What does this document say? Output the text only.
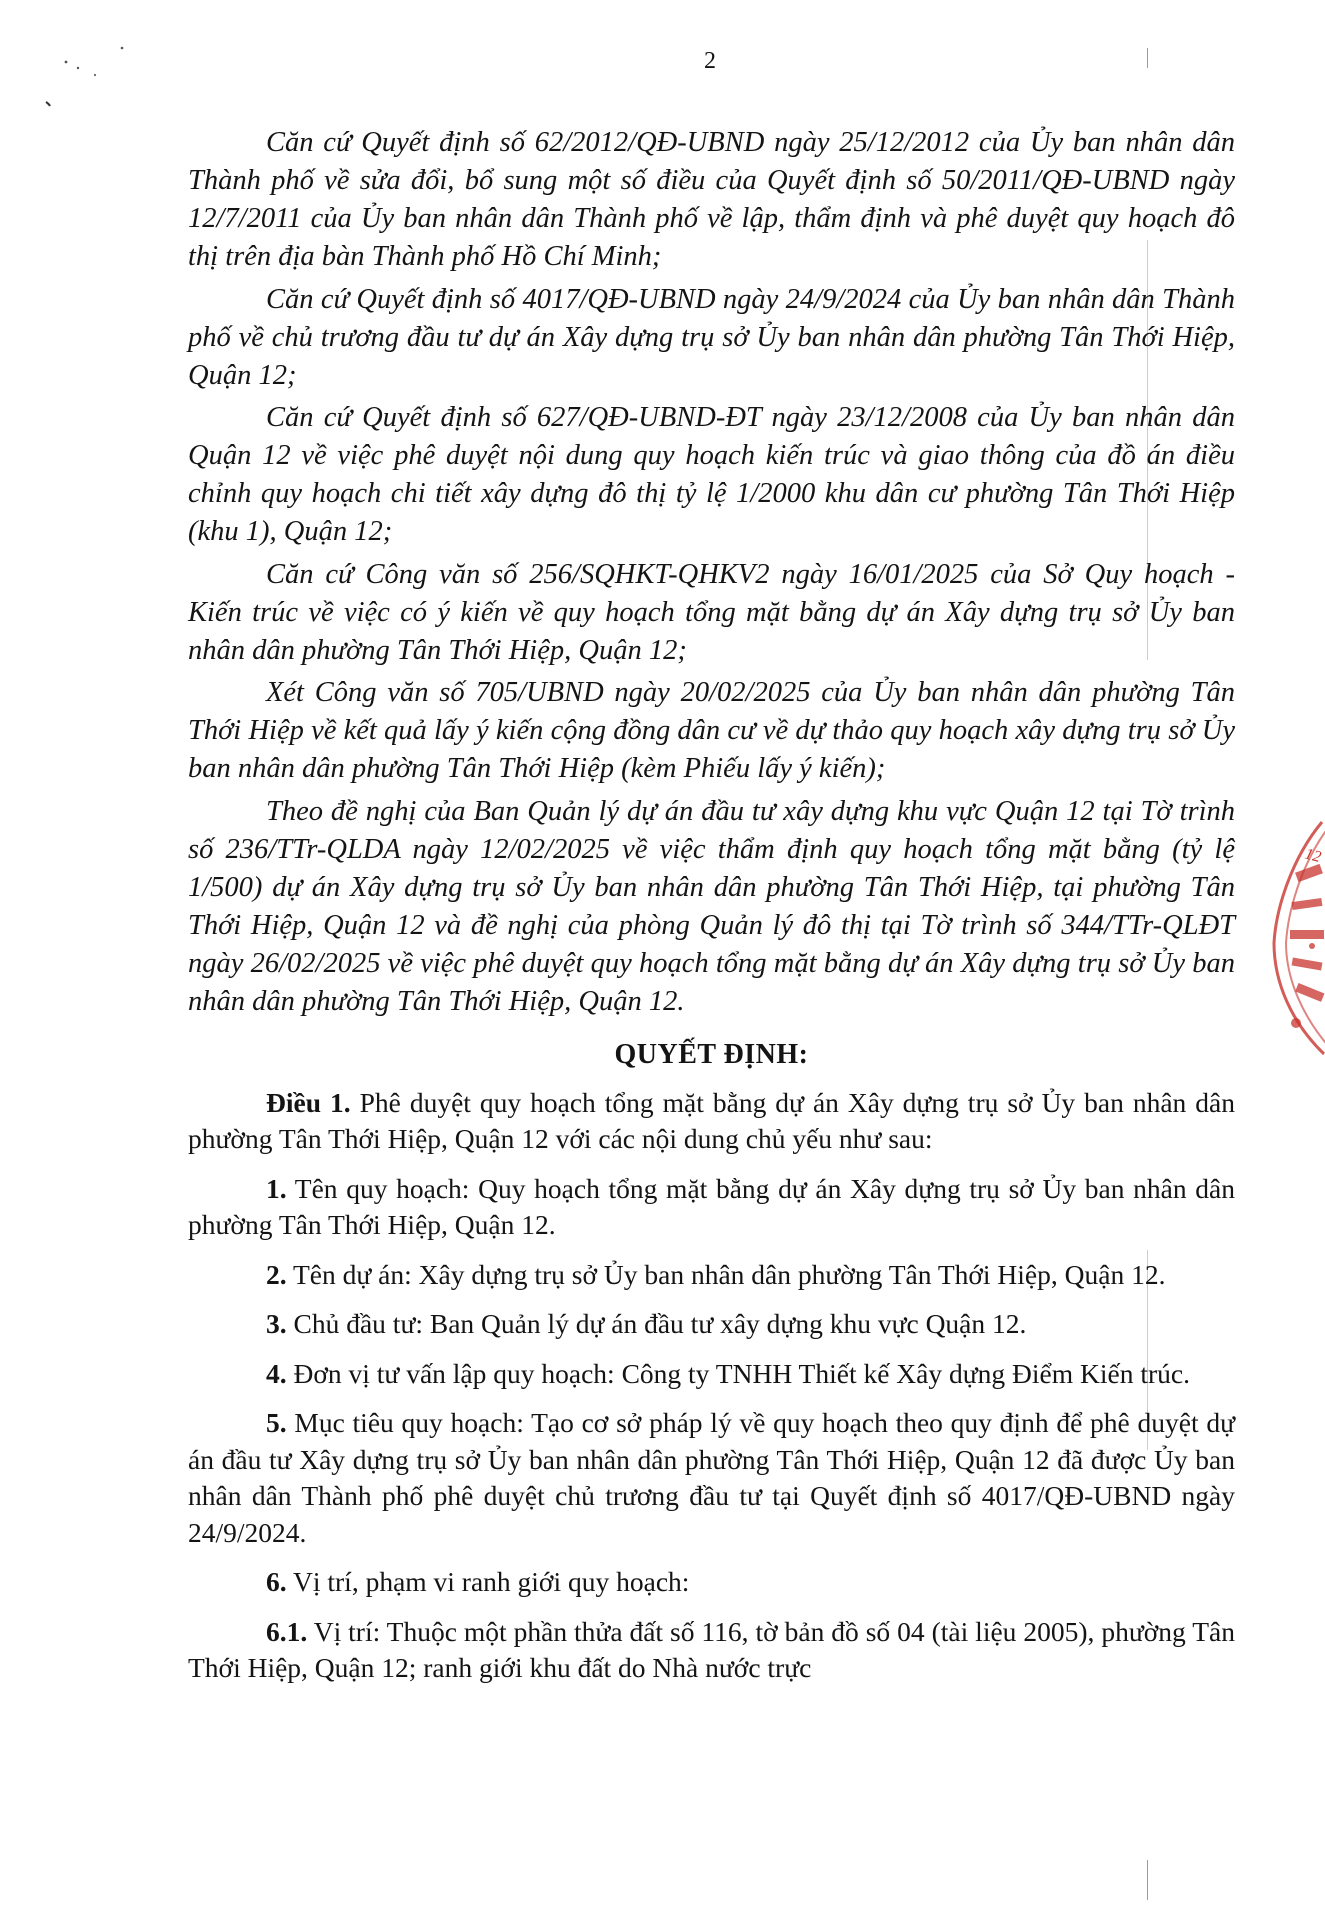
2

Căn cứ Quyết định số 62/2012/QĐ-UBND ngày 25/12/2012 của Ủy ban nhân dân Thành phố về sửa đổi, bổ sung một số điều của Quyết định số 50/2011/QĐ-UBND ngày 12/7/2011 của Ủy ban nhân dân Thành phố về lập, thẩm định và phê duyệt quy hoạch đô thị trên địa bàn Thành phố Hồ Chí Minh;

Căn cứ Quyết định số 4017/QĐ-UBND ngày 24/9/2024 của Ủy ban nhân dân Thành phố về chủ trương đầu tư dự án Xây dựng trụ sở Ủy ban nhân dân phường Tân Thới Hiệp, Quận 12;

Căn cứ Quyết định số 627/QĐ-UBND-ĐT ngày 23/12/2008 của Ủy ban nhân dân Quận 12 về việc phê duyệt nội dung quy hoạch kiến trúc và giao thông của đồ án điều chỉnh quy hoạch chi tiết xây dựng đô thị tỷ lệ 1/2000 khu dân cư phường Tân Thới Hiệp (khu 1), Quận 12;

Căn cứ Công văn số 256/SQHKT-QHKV2 ngày 16/01/2025 của Sở Quy hoạch - Kiến trúc về việc có ý kiến về quy hoạch tổng mặt bằng dự án Xây dựng trụ sở Ủy ban nhân dân phường Tân Thới Hiệp, Quận 12;

Xét Công văn số 705/UBND ngày 20/02/2025 của Ủy ban nhân dân phường Tân Thới Hiệp về kết quả lấy ý kiến cộng đồng dân cư về dự thảo quy hoạch xây dựng trụ sở Ủy ban nhân dân phường Tân Thới Hiệp (kèm Phiếu lấy ý kiến);

Theo đề nghị của Ban Quản lý dự án đầu tư xây dựng khu vực Quận 12 tại Tờ trình số 236/TTr-QLDA ngày 12/02/2025 về việc thẩm định quy hoạch tổng mặt bằng (tỷ lệ 1/500) dự án Xây dựng trụ sở Ủy ban nhân dân phường Tân Thới Hiệp, tại phường Tân Thới Hiệp, Quận 12 và đề nghị của phòng Quản lý đô thị tại Tờ trình số 344/TTr-QLĐT ngày 26/02/2025 về việc phê duyệt quy hoạch tổng mặt bằng dự án Xây dựng trụ sở Ủy ban nhân dân phường Tân Thới Hiệp, Quận 12.

QUYẾT ĐỊNH:

Điều 1. Phê duyệt quy hoạch tổng mặt bằng dự án Xây dựng trụ sở Ủy ban nhân dân phường Tân Thới Hiệp, Quận 12 với các nội dung chủ yếu như sau:

1. Tên quy hoạch: Quy hoạch tổng mặt bằng dự án Xây dựng trụ sở Ủy ban nhân dân phường Tân Thới Hiệp, Quận 12.

2. Tên dự án: Xây dựng trụ sở Ủy ban nhân dân phường Tân Thới Hiệp, Quận 12.

3. Chủ đầu tư: Ban Quản lý dự án đầu tư xây dựng khu vực Quận 12.

4. Đơn vị tư vấn lập quy hoạch: Công ty TNHH Thiết kế Xây dựng Điểm Kiến trúc.

5. Mục tiêu quy hoạch: Tạo cơ sở pháp lý về quy hoạch theo quy định để phê duyệt dự án đầu tư Xây dựng trụ sở Ủy ban nhân dân phường Tân Thới Hiệp, Quận 12 đã được Ủy ban nhân dân Thành phố phê duyệt chủ trương đầu tư tại Quyết định số 4017/QĐ-UBND ngày 24/9/2024.

6. Vị trí, phạm vi ranh giới quy hoạch:

6.1. Vị trí: Thuộc một phần thửa đất số 116, tờ bản đồ số 04 (tài liệu 2005), phường Tân Thới Hiệp, Quận 12; ranh giới khu đất do Nhà nước trực

12
